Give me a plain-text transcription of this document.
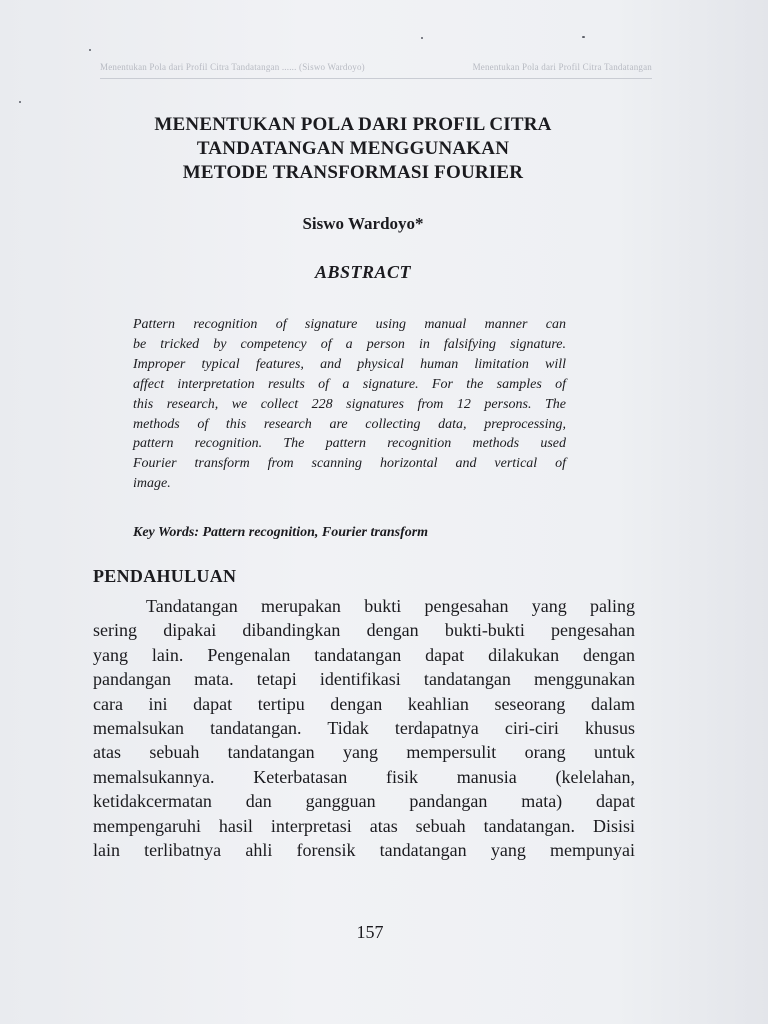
Menentukan Pola dari Profil Citra Tandatangan ...... (Siswo Wardoyo)	Menentukan Pola dari Profil Citra Tandatangan
MENENTUKAN POLA DARI PROFIL CITRA
TANDATANGAN MENGGUNAKAN
METODE TRANSFORMASI FOURIER
Siswo Wardoyo*
ABSTRACT
Pattern recognition of signature using manual manner can
be tricked by competency of a person in falsifying signature.
Improper typical features, and physical human limitation will
affect interpretation results of a signature. For the samples of
this research, we collect 228 signatures from 12 persons. The
methods of this research are collecting data, preprocessing,
pattern recognition. The pattern recognition methods used
Fourier transform from scanning horizontal and vertical of
image.
Key Words: Pattern recognition, Fourier transform
PENDAHULUAN
Tandatangan merupakan bukti pengesahan yang paling
sering dipakai dibandingkan dengan bukti-bukti pengesahan
yang lain. Pengenalan tandatangan dapat dilakukan dengan
pandangan mata. tetapi identifikasi tandatangan menggunakan
cara ini dapat tertipu dengan keahlian seseorang dalam
memalsukan tandatangan. Tidak terdapatnya ciri-ciri khusus
atas sebuah tandatangan yang mempersulit orang untuk
memalsukannya. Keterbatasan fisik manusia (kelelahan,
ketidakcermatan dan gangguan pandangan mata) dapat
mempengaruhi hasil interpretasi atas sebuah tandatangan. Disisi
lain terlibatnya ahli forensik tandatangan yang mempunyai
157
